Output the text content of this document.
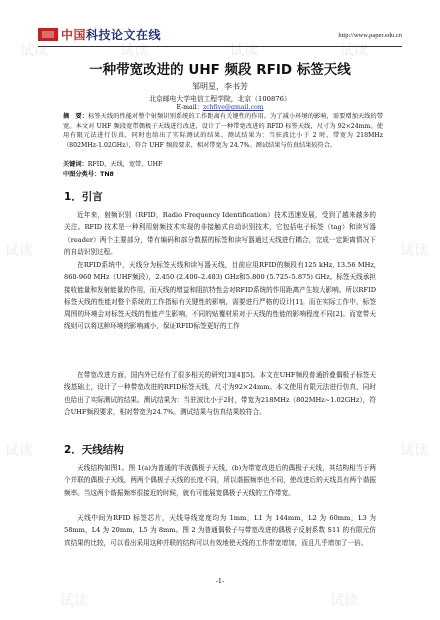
试读	试读	试读	试读
试读	试读
试读	试读
试读	试读
中国科技论文在线	http://www.paper.edu.cn
一种带宽改进的 UHF 频段 RFID 标签天线
邹明星，李书芳
北京邮电大学电信工程学院，北京（100876）
E-mail：zchfive@gmail.com
摘　要：标签天线的性能对整个射频识别系统的工作距离有关键性的作用。为了减小环境的影响，需要增加天线的带宽。本文对 UHF 频段宽带偶极子天线进行改进，设计了一种带宽改进的 RFID 标签天线，尺寸为 92×24mm。使用有限元法进行仿真，同时也给出了实际测试的结果。测试结果为：当驻波比小于 2 时，带宽为 218MHz（802MHz-1.02GHz），符合 UHF 频段要求，相对带宽为 24.7%。测试结果与仿真结果较符合。
关键词：RFID，天线，宽带，UHF
中图分类号：TN8
1．引言
近年来，射频识别（RFID，Radio Frequency Identification）技术迅速发展，受到了越来越多的关注。RFID 技术是一种利用射频技术实现的非接触式自动识别技术，它包括电子标签（tag）和读写器（reader）两个主要部分，带有编码和部分数据的标签和读写器通过天线进行耦合，完成一定距离情况下的自动识别过程。
在RFID系统中，天线分为标签天线和读写器天线，目前应用RFID的频段有125 kHz, 13.56 MHz, 860-960 MHz（UHF频段），2.450 (2.400–2.483) GHz和5.800 (5.725–5.875) GHz。标签天线承担接收能量和发射能量的作用，而天线的增益和阻抗特性会对RFID系统的作用距离产生较大影响。所以RFID标签天线的性能对整个系统的工作指标有关键性的影响，需要进行严格的设计[1]。而在实际工作中，标签周围的环境会对标签天线的性能产生影响，不同的贴覆材质对于天线的性能的影响程度不同[2]。而宽带天线则可以将这种环境的影响减小，保证RFID标签更好的工作
在带宽改进方面，国内外已经有了很多相关的研究[3][4][5]。本文在UHF频段普通折叠偶极子标签天线基础上，设计了一种带宽改进的RFID标签天线，尺寸为92×24mm。本文使用有限元法进行仿真，同时也给出了实际测试的结果。测试结果为：当驻波比小于2时，带宽为218MHz（802MHz~1.02GHz），符合UHF频段要求，相对带宽为24.7%。测试结果与仿真结果较符合。
2．天线结构
天线结构如图1。图 1(a)为普通的半波偶极子天线，(b)为带宽改进后的偶极子天线，其结构相当于两个并联的偶极子天线，两两个偶极子天线的长度不同，所以谐振频率也不同，使改进后的天线具有两个谐振频率。当这两个谐振频率很接近的时候，就有可能展宽偶极子天线的工作带宽。
天线中间为RFID 标签芯片，天线导线宽度均为 1mm，L1 为 144mm，L2 为 60mm，L3 为 58mm，L4 为 20mm，L5 为 8mm。图 2 为普通偶极子与带宽改进的偶极子反射系数 S11 的有限元仿真结果的比较，可以看出采用这种并联的结构可以有效地使天线的工作带宽增加，而且几乎增加了一倍。
-1-
